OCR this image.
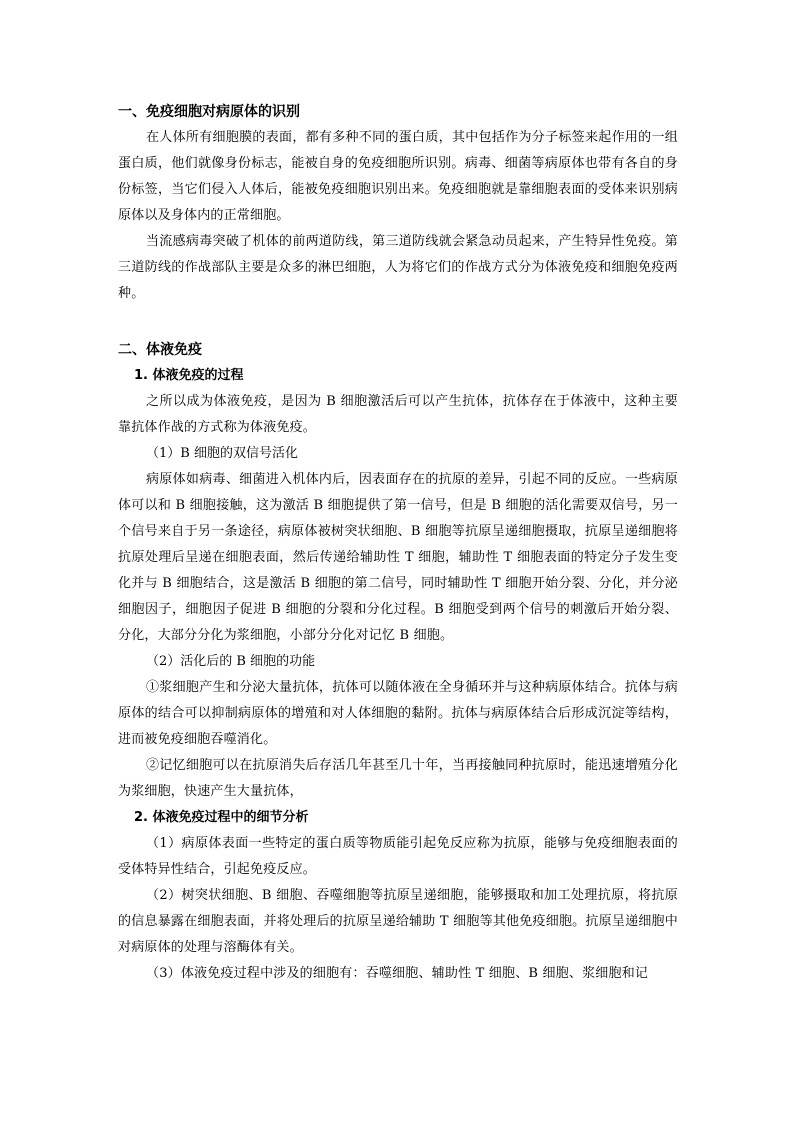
一、免疫细胞对病原体的识别

在人体所有细胞膜的表面，都有多种不同的蛋白质，其中包括作为分子标签来起作用的一组蛋白质，他们就像身份标志，能被自身的免疫细胞所识别。病毒、细菌等病原体也带有各自的身份标签，当它们侵入人体后，能被免疫细胞识别出来。免疫细胞就是靠细胞表面的受体来识别病原体以及身体内的正常细胞。

当流感病毒突破了机体的前两道防线，第三道防线就会紧急动员起来，产生特异性免疫。第三道防线的作战部队主要是众多的淋巴细胞，人为将它们的作战方式分为体液免疫和细胞免疫两种。

二、体液免疫
1. 体液免疫的过程

之所以成为体液免疫，是因为 B 细胞激活后可以产生抗体，抗体存在于体液中，这种主要靠抗体作战的方式称为体液免疫。

（1）B 细胞的双信号活化

病原体如病毒、细菌进入机体内后，因表面存在的抗原的差异，引起不同的反应。一些病原体可以和 B 细胞接触，这为激活 B 细胞提供了第一信号，但是 B 细胞的活化需要双信号，另一个信号来自于另一条途径，病原体被树突状细胞、B 细胞等抗原呈递细胞摄取，抗原呈递细胞将抗原处理后呈递在细胞表面，然后传递给辅助性 T 细胞，辅助性 T 细胞表面的特定分子发生变化并与 B 细胞结合，这是激活 B 细胞的第二信号，同时辅助性 T 细胞开始分裂、分化，并分泌细胞因子，细胞因子促进 B 细胞的分裂和分化过程。B 细胞受到两个信号的刺激后开始分裂、分化，大部分分化为浆细胞，小部分分化对记忆 B 细胞。

（2）活化后的 B 细胞的功能

①浆细胞产生和分泌大量抗体，抗体可以随体液在全身循环并与这种病原体结合。抗体与病原体的结合可以抑制病原体的增殖和对人体细胞的黏附。抗体与病原体结合后形成沉淀等结构，进而被免疫细胞吞噬消化。

②记忆细胞可以在抗原消失后存活几年甚至几十年，当再接触同种抗原时，能迅速增殖分化为浆细胞，快速产生大量抗体，

2. 体液免疫过程中的细节分析

（1）病原体表面一些特定的蛋白质等物质能引起免反应称为抗原，能够与免疫细胞表面的受体特异性结合，引起免疫反应。

（2）树突状细胞、B 细胞、吞噬细胞等抗原呈递细胞，能够摄取和加工处理抗原，将抗原的信息暴露在细胞表面，并将处理后的抗原呈递给辅助 T 细胞等其他免疫细胞。抗原呈递细胞中对病原体的处理与溶酶体有关。

（3）体液免疫过程中涉及的细胞有：吞噬细胞、辅助性 T 细胞、B 细胞、浆细胞和记
